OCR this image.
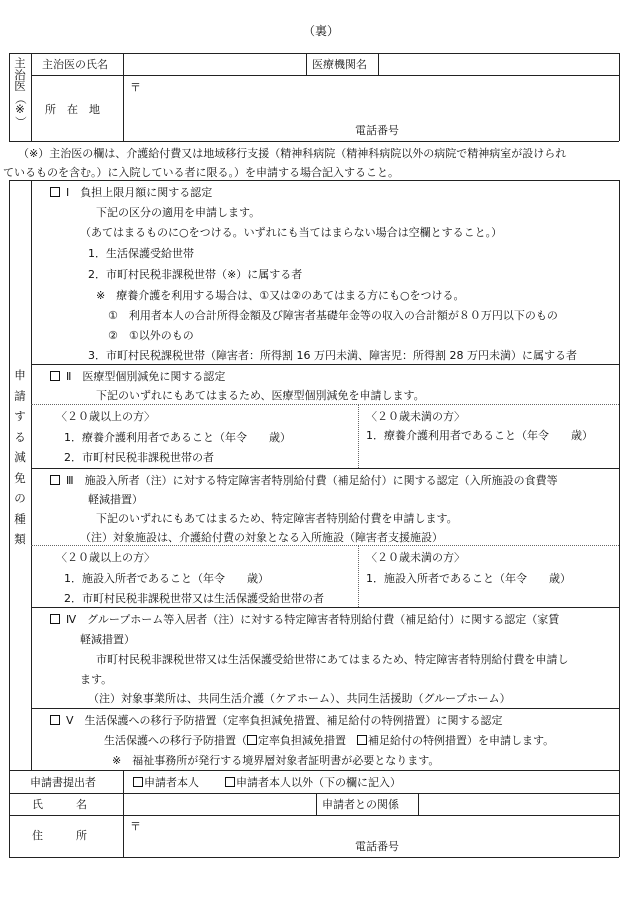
（裏）
主
治
医
（
※
）
主治医の氏名	医療機関名
所　在　地
〒
電話番号
（※）主治医の欄は、介護給付費又は地域移行支援（精神科病院（精神科病院以外の病院で精神病室が設けられ
ているものを含む。）に入院している者に限る。）を申請する場合記入すること。
申
請
す
る
減
免
の
種
類
Ⅰ　負担上限月額に関する認定
下記の区分の適用を申請します。
（あてはまるものに○をつける。いずれにも当てはまらない場合は空欄とすること。）
1．生活保護受給世帯
2．市町村民税非課税世帯（※）に属する者
※　療養介護を利用する場合は、①又は②のあてはまる方にも○をつける。
①　利用者本人の合計所得金額及び障害者基礎年金等の収入の合計額が８０万円以下のもの
②　①以外のもの
3．市町村民税課税世帯（障害者：所得割 16 万円未満、障害児：所得割 28 万円未満）に属する者
Ⅱ　医療型個別減免に関する認定
下記のいずれにもあてはまるため、医療型個別減免を申請します。
〈２０歳以上の方〉
1．療養介護利用者であること（年令　　歳）
2．市町村民税非課税世帯の者
〈２０歳未満の方〉
1．療養介護利用者であること（年令　　歳）
Ⅲ　施設入所者（注）に対する特定障害者特別給付費（補足給付）に関する認定（入所施設の食費等
軽減措置）
下記のいずれにもあてはまるため、特定障害者特別給付費を申請します。
（注）対象施設は、介護給付費の対象となる入所施設（障害者支援施設）
〈２０歳以上の方〉
1．施設入所者であること（年令　　歳）
2．市町村民税非課税世帯又は生活保護受給世帯の者
〈２０歳未満の方〉
1．施設入所者であること（年令　　歳）
Ⅳ　グループホーム等入居者（注）に対する特定障害者特別給付費（補足給付）に関する認定（家賃
軽減措置）
市町村民税非課税世帯又は生活保護受給世帯にあてはまるため、特定障害者特別給付費を申請し
ます。
（注）対象事業所は、共同生活介護（ケアホーム）、共同生活援助（グループホーム）
Ⅴ　生活保護への移行予防措置（定率負担減免措置、補足給付の特例措置）に関する認定
生活保護への移行予防措置（ 定率負担減免措置　補足給付の特例措置）を申請します。
※　福祉事務所が発行する境界層対象者証明書が必要となります。
申請書提出者	申請者本人	申請者本人以外（下の欄に記入）
氏　　　名	申請者との関係
住　　　所
〒
電話番号
